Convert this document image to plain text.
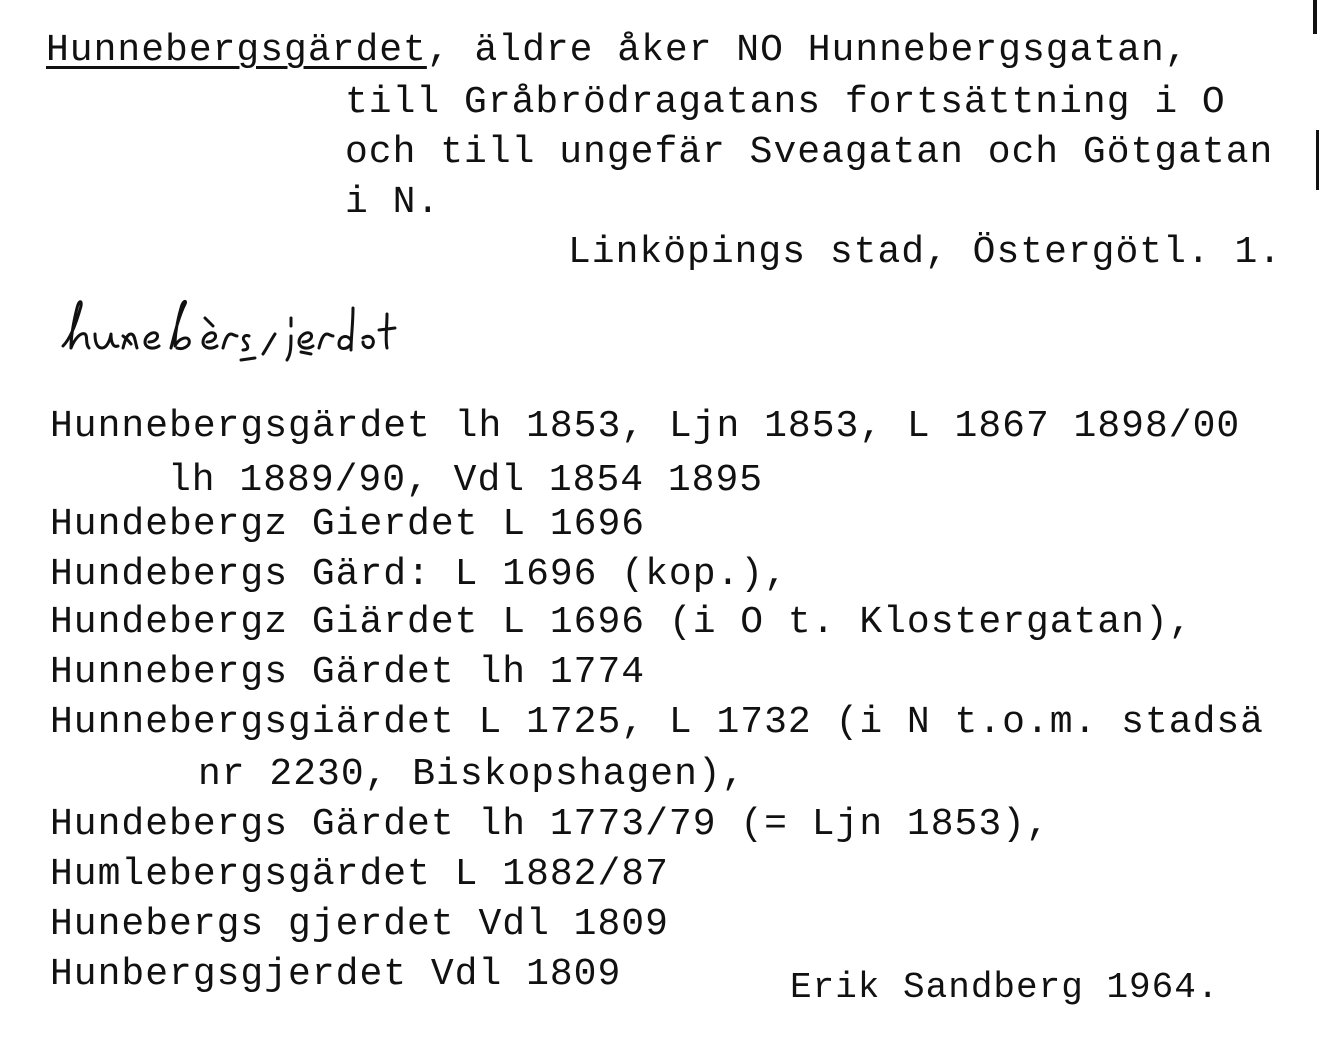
Hunnebergsgärdet, äldre åker NO Hunnebergsgatan,
till Gråbrödragatans fortsättning i O
och till ungefär Sveagatan och Götgatan
i N.
Linköpings stad, Östergötl. 1.
Hunnebergsgärdet lh 1853, Ljn 1853, L 1867 1898/00
lh 1889/90, Vdl 1854 1895
Hundebergz Gierdet L 1696
Hundebergs Gärd: L 1696 (kop.),
Hundebergz Giärdet L 1696 (i O t. Klostergatan),
Hunnebergs Gärdet lh 1774
Hunnebergsgiärdet L 1725, L 1732 (i N t.o.m. stadsä
nr 2230, Biskopshagen),
Hundebergs Gärdet lh 1773/79 (= Ljn 1853),
Humlebergsgärdet L 1882/87
Hunebergs gjerdet Vdl 1809
Hunbergsgjerdet Vdl 1809	Erik Sandberg 1964.
